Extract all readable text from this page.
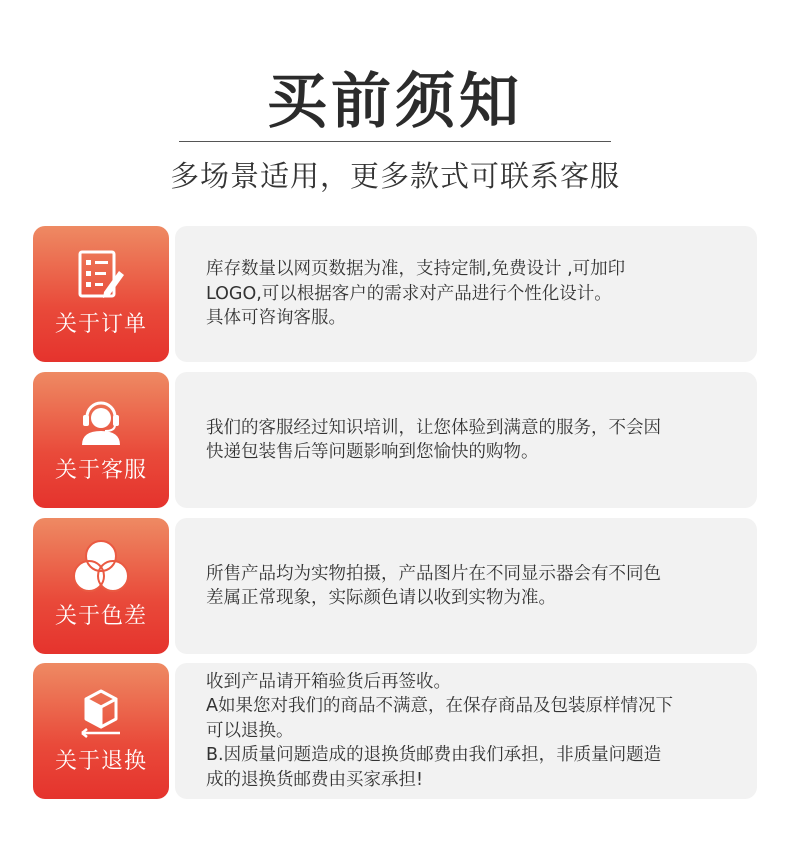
买前须知
多场景适用，更多款式可联系客服
关于订单

库存数量以网页数据为准，支持定制,免费设计 ,可加印

LOGO,可以根据客户的需求对产品进行个性化设计。

具体可咨询客服。

关于客服

我们的客服经过知识培训，让您体验到满意的服务，不会因

快递包装售后等问题影响到您愉快的购物。

关于色差

所售产品均为实物拍摄，产品图片在不同显示器会有不同色

差属正常现象，实际颜色请以收到实物为准。

关于退换

收到产品请开箱验货后再签收。

A如果您对我们的商品不满意，在保存商品及包装原样情况下

可以退换。

B.因质量问题造成的退换货邮费由我们承担，非质量问题造

成的退换货邮费由买家承担!
